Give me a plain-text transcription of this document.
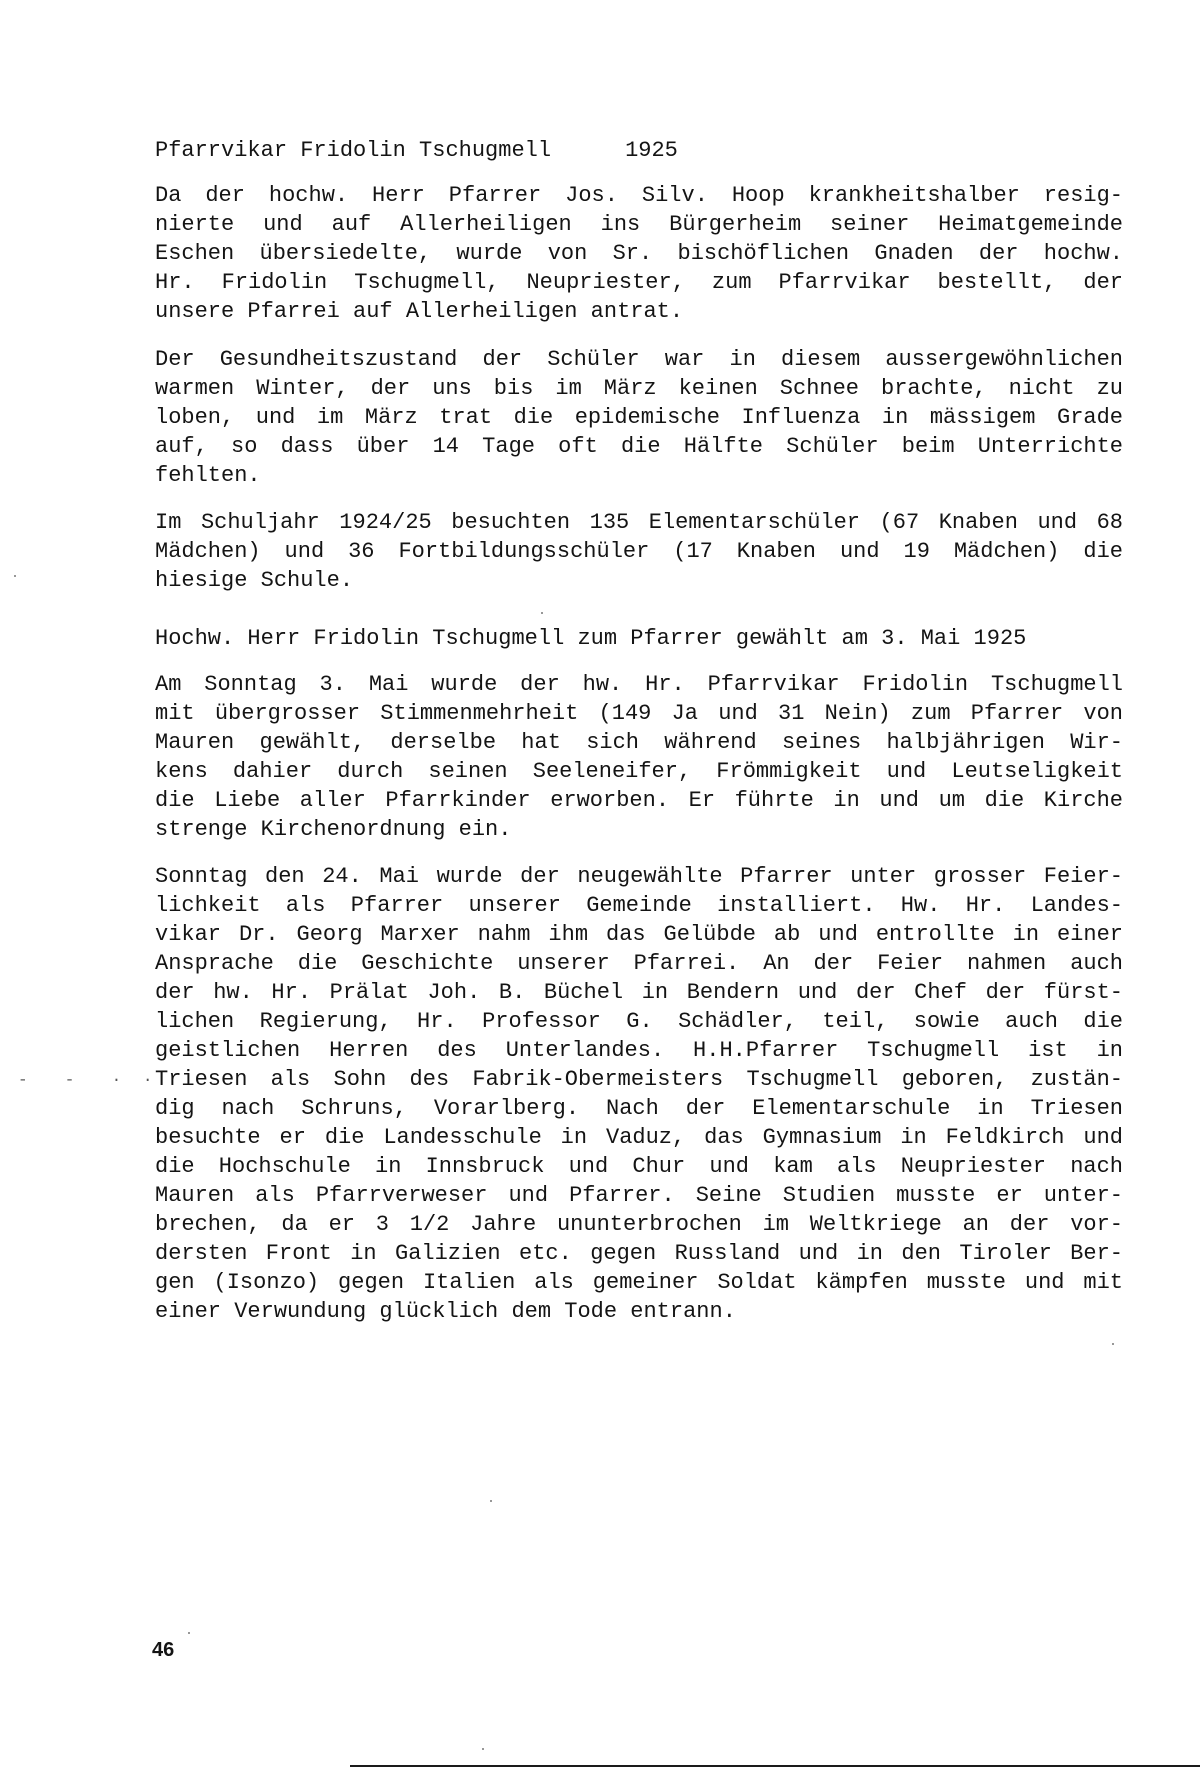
Pfarrvikar Fridolin Tschugmell	1925
Da der hochw. Herr Pfarrer Jos. Silv. Hoop krankheitshalber resig-
nierte und auf Allerheiligen ins Bürgerheim seiner Heimatgemeinde
Eschen übersiedelte, wurde von Sr. bischöflichen Gnaden der hochw.
Hr. Fridolin Tschugmell, Neupriester, zum Pfarrvikar bestellt, der
unsere Pfarrei auf Allerheiligen antrat.
Der Gesundheitszustand der Schüler war in diesem aussergewöhnlichen
warmen Winter, der uns bis im März keinen Schnee brachte, nicht zu
loben, und im März trat die epidemische Influenza in mässigem Grade
auf, so dass über 14 Tage oft die Hälfte Schüler beim Unterrichte
fehlten.
Im Schuljahr 1924/25 besuchten 135 Elementarschüler (67 Knaben und 68
Mädchen) und 36 Fortbildungsschüler (17 Knaben und 19 Mädchen) die
hiesige Schule.
Hochw. Herr Fridolin Tschugmell zum Pfarrer gewählt am 3. Mai 1925
Am Sonntag 3. Mai wurde der hw. Hr. Pfarrvikar Fridolin Tschugmell
mit übergrosser Stimmenmehrheit (149 Ja und 31 Nein) zum Pfarrer von
Mauren gewählt, derselbe hat sich während seines halbjährigen Wir-
kens dahier durch seinen Seeleneifer, Frömmigkeit und Leutseligkeit
die Liebe aller Pfarrkinder erworben. Er führte in und um die Kirche
strenge Kirchenordnung ein.
Sonntag den 24. Mai wurde der neugewählte Pfarrer unter grosser Feier-
lichkeit als Pfarrer unserer Gemeinde installiert. Hw. Hr. Landes-
vikar Dr. Georg Marxer nahm ihm das Gelübde ab und entrollte in einer
Ansprache die Geschichte unserer Pfarrei. An der Feier nahmen auch
der hw. Hr. Prälat Joh. B. Büchel in Bendern und der Chef der fürst-
lichen Regierung, Hr. Professor G. Schädler, teil, sowie auch die
geistlichen Herren des Unterlandes. H.H.Pfarrer Tschugmell ist in
Triesen als Sohn des Fabrik-Obermeisters Tschugmell geboren, zustän-
dig nach Schruns, Vorarlberg. Nach der Elementarschule in Triesen
besuchte er die Landesschule in Vaduz, das Gymnasium in Feldkirch und
die Hochschule in Innsbruck und Chur und kam als Neupriester nach
Mauren als Pfarrverweser und Pfarrer. Seine Studien musste er unter-
brechen, da er 3 1/2 Jahre ununterbrochen im Weltkriege an der vor-
dersten Front in Galizien etc. gegen Russland und in den Tiroler Ber-
gen (Isonzo) gegen Italien als gemeiner Soldat kämpfen musste und mit
einer Verwundung glücklich dem Tode entrann.
-  -  · ·
46
